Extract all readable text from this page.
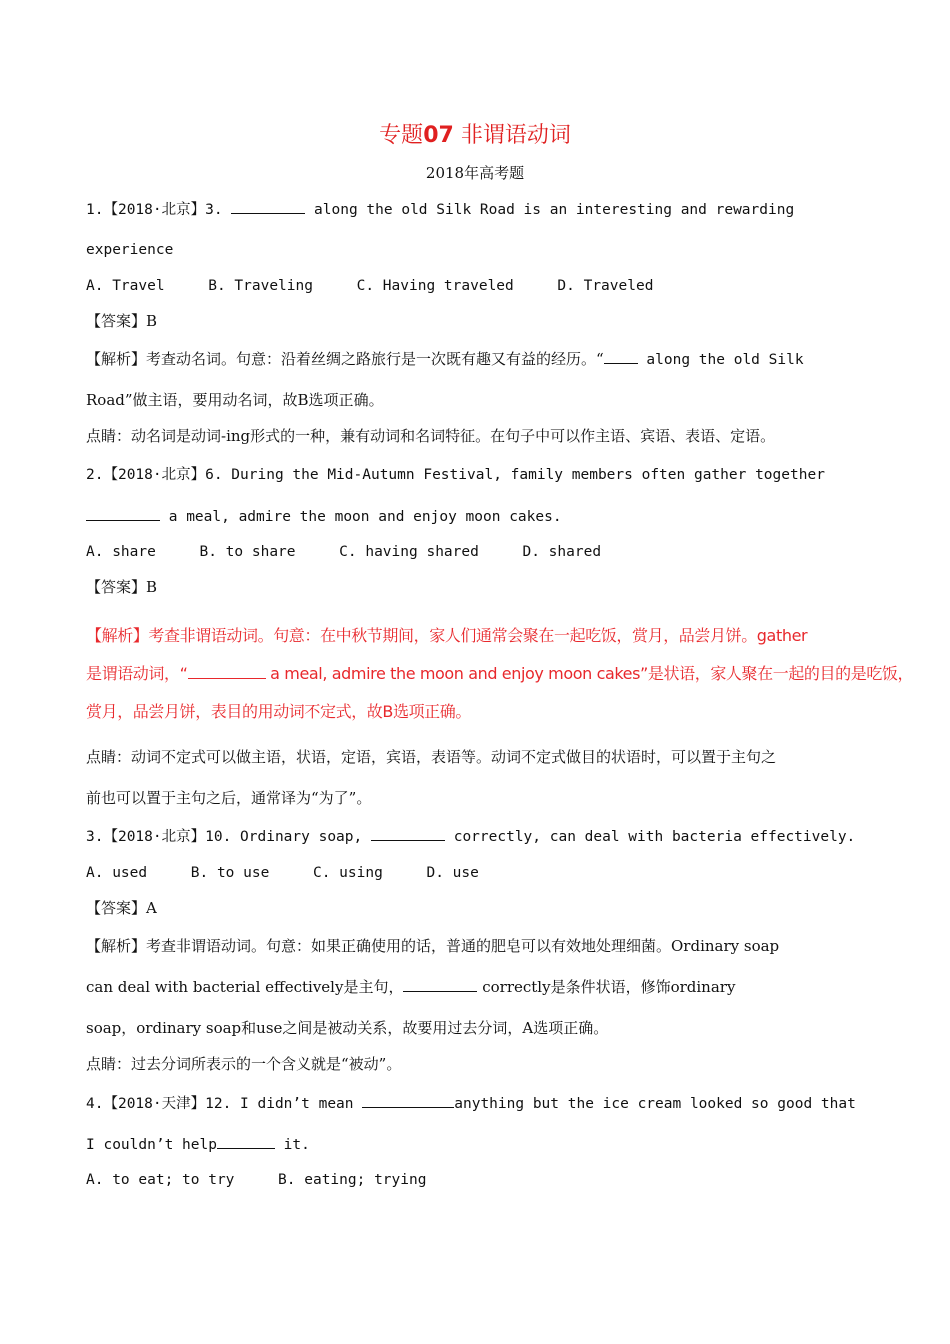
专题07 非谓语动词
2018年高考题
1.【2018·北京】3.	along the old Silk Road is an interesting and rewarding
experience
A. Travel     B. Traveling     C. Having traveled     D. Traveled
【答案】B
【解析】考查动名词。句意：沿着丝绸之路旅行是一次既有趣又有益的经历。“ along the old Silk
Road”做主语，要用动名词，故B选项正确。
点睛：动名词是动词-ing形式的一种，兼有动词和名词特征。在句子中可以作主语、宾语、表语、定语。
2.【2018·北京】6. During the Mid-Autumn Festival, family members often gather together
a meal, admire the moon and enjoy moon cakes.
A. share     B. to share     C. having shared     D. shared
【答案】B
【解析】考查非谓语动词。句意：在中秋节期间，家人们通常会聚在一起吃饭，赏月，品尝月饼。gather
是谓语动词，“	a meal, admire the moon and enjoy moon cakes”是状语，家人聚在一起的目的是吃饭，
赏月，品尝月饼，表目的用动词不定式，故B选项正确。
点睛：动词不定式可以做主语，状语，定语，宾语，表语等。动词不定式做目的状语时，可以置于主句之
前也可以置于主句之后，通常译为“为了”。
3.【2018·北京】10. Ordinary soap,	correctly, can deal with bacteria effectively.
A. used     B. to use     C. using     D. use
【答案】A
【解析】考查非谓语动词。句意：如果正确使用的话，普通的肥皂可以有效地处理细菌。Ordinary soap
can deal with bacterial effectively是主句，	correctly是条件状语，修饰ordinary
soap，ordinary soap和use之间是被动关系，故要用过去分词，A选项正确。
点睛：过去分词所表示的一个含义就是“被动”。
4.【2018·天津】12. I didn’t mean	anything but the ice cream looked so good that
I couldn’t help	it.
A. to eat; to try     B. eating; trying
